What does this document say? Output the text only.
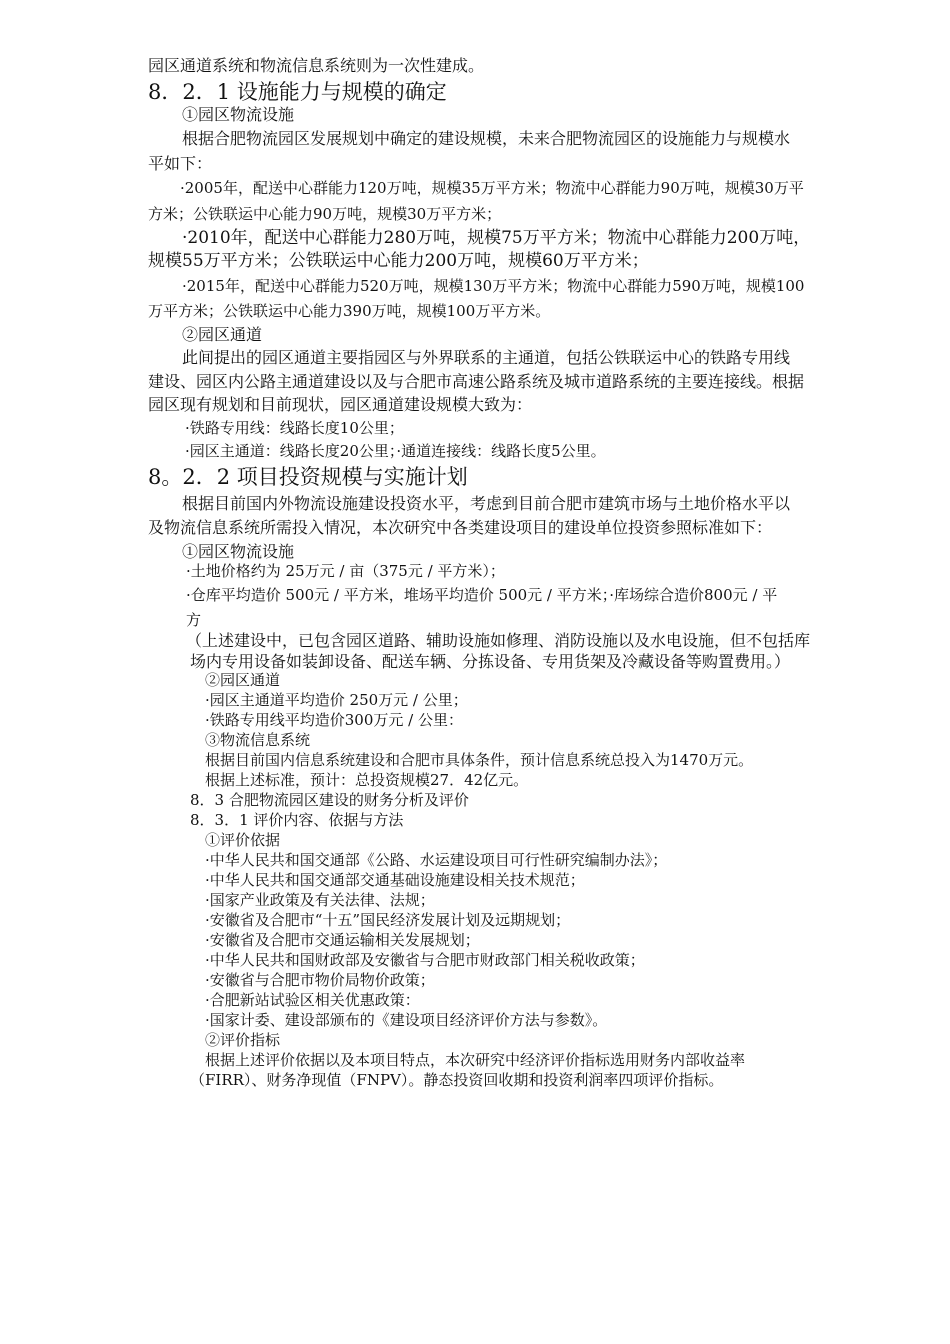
园区通道系统和物流信息系统则为一次性建成。
8．2．1 设施能力与规模的确定
①园区物流设施
根据合肥物流园区发展规划中确定的建设规模，未来合肥物流园区的设施能力与规模水
平如下：
·2005年，配送中心群能力120万吨，规模35万平方米；物流中心群能力90万吨，规模30万平
方米；公铁联运中心能力90万吨，规模30万平方米；
·2010年，配送中心群能力280万吨，规模75万平方米；物流中心群能力200万吨，
规模55万平方米；公铁联运中心能力200万吨，规模60万平方米；
·2015年，配送中心群能力520万吨，规模130万平方米；物流中心群能力590万吨，规模100
万平方米；公铁联运中心能力390万吨，规模100万平方米。
②园区通道
此间提出的园区通道主要指园区与外界联系的主通道，包括公铁联运中心的铁路专用线
建设、园区内公路主通道建设以及与合肥市高速公路系统及城市道路系统的主要连接线。根据
园区现有规划和目前现状，园区通道建设规模大致为：
·铁路专用线：线路长度10公里；
·园区主通道：线路长度20公里；·通道连接线：线路长度5公里。
8。2．2 项目投资规模与实施计划
根据目前国内外物流设施建设投资水平，考虑到目前合肥市建筑市场与土地价格水平以
及物流信息系统所需投入情况，本次研究中各类建设项目的建设单位投资参照标准如下：
①园区物流设施
·土地价格约为 25万元 / 亩（375元 / 平方米）；
·仓库平均造价 500元 / 平方米，堆场平均造价 500元 / 平方米；·库场综合造价800元 / 平
方
（上述建设中，已包含园区道路、辅助设施如修理、消防设施以及水电设施，但不包括库
场内专用设备如装卸设备、配送车辆、分拣设备、专用货架及冷藏设备等购置费用。）
②园区通道
·园区主通道平均造价 250万元 / 公里；
·铁路专用线平均造价300万元 / 公里：
③物流信息系统
根据目前国内信息系统建设和合肥市具体条件，预计信息系统总投入为1470万元。
根据上述标准，预计：总投资规模27．42亿元。
8．3 合肥物流园区建设的财务分析及评价
8．3．1 评价内容、依据与方法
①评价依据
·中华人民共和国交通部《公路、水运建设项目可行性研究编制办法》；
·中华人民共和国交通部交通基础设施建设相关技术规范；
·国家产业政策及有关法律、法规；
·安徽省及合肥市“十五”国民经济发展计划及远期规划；
·安徽省及合肥市交通运输相关发展规划；
·中华人民共和国财政部及安徽省与合肥市财政部门相关税收政策；
·安徽省与合肥市物价局物价政策；
·合肥新站试验区相关优惠政策：
·国家计委、建设部颁布的《建设项目经济评价方法与参数》。
②评价指标
根据上述评价依据以及本项目特点，本次研究中经济评价指标选用财务内部收益率
（FIRR）、财务净现值（FNPV）。静态投资回收期和投资利润率四项评价指标。
